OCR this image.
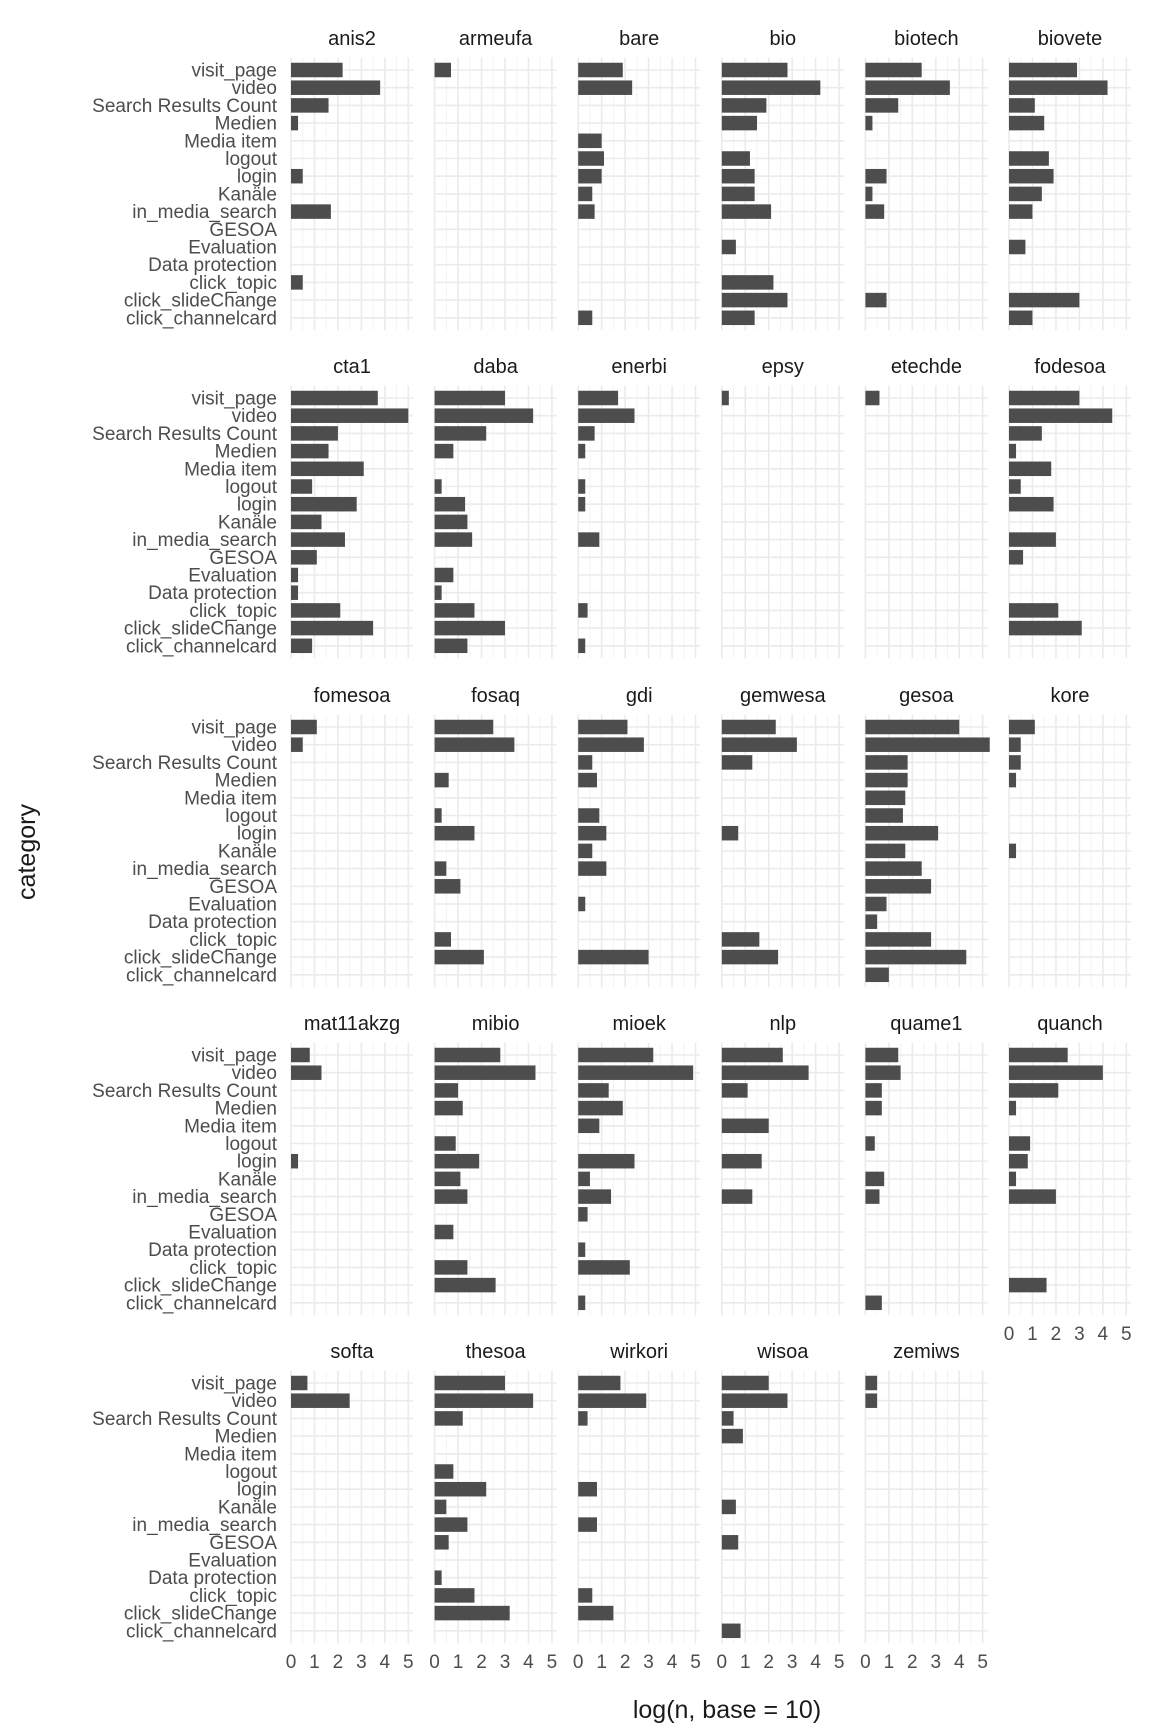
category
log(n, base = 10)
anis2
visit_page
video
Search Results Count
Medien
Media item
logout
login
Kanäle
in_media_search
GESOA
Evaluation
Data protection
click_topic
click_slideChange
click_channelcard
armeufa	bare	bio	biotech	biovete
cta1
visit_page
video
Search Results Count
Medien
Media item
logout
login
Kanäle
in_media_search
GESOA
Evaluation
Data protection
click_topic
click_slideChange
click_channelcard
daba	enerbi	epsy	etechde	fodesoa
fomesoa
visit_page
video
Search Results Count
Medien
Media item
logout
login
Kanäle
in_media_search
GESOA
Evaluation
Data protection
click_topic
click_slideChange
click_channelcard
fosaq	gdi	gemwesa	gesoa	kore
mat11akzg
visit_page
video
Search Results Count
Medien
Media item
logout
login
Kanäle
in_media_search
GESOA
Evaluation
Data protection
click_topic
click_slideChange
click_channelcard
mibio	mioek	nlp	quame1	quanch
0 1 2 3 4 5
softa
visit_page
video
Search Results Count
Medien
Media item
logout
login
Kanäle
in_media_search
GESOA
Evaluation
Data protection
click_topic
click_slideChange
click_channelcard
0 1 2 3 4 5
thesoa
0 1 2 3 4 5
wirkori
0 1 2 3 4 5
wisoa
0 1 2 3 4 5
zemiws
0 1 2 3 4 5
